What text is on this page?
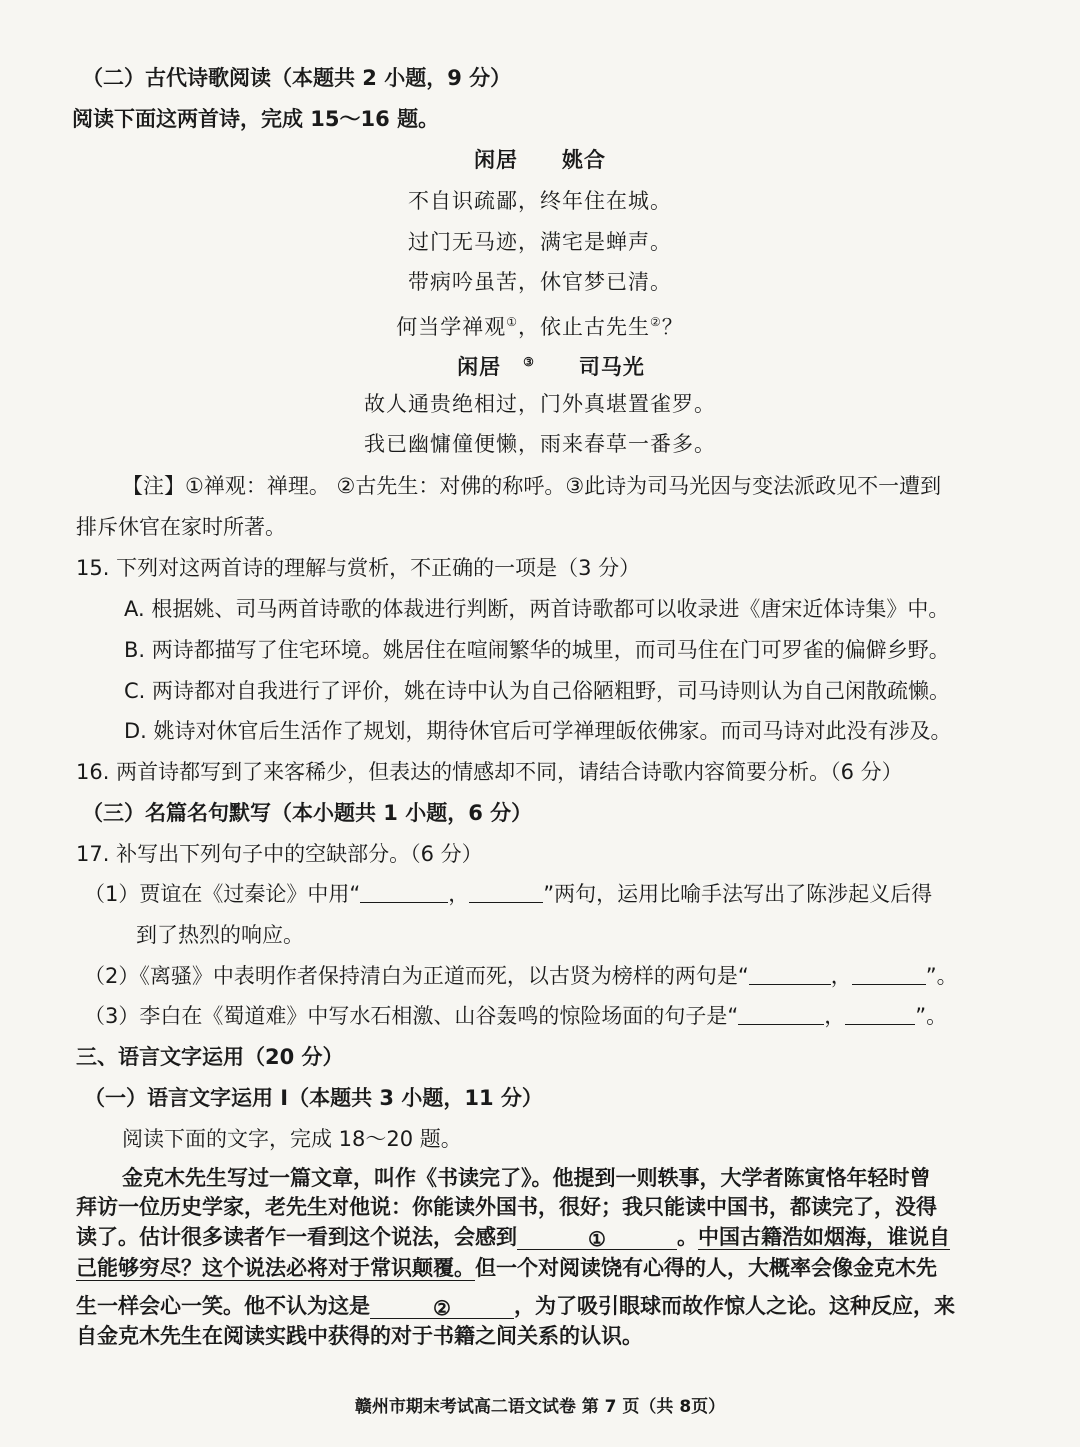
（二）古代诗歌阅读（本题共 2 小题，9 分）
阅读下面这两首诗，完成 15～16 题。
闲居 姚合
不自识疏鄙，终年住在城。
过门无马迹，满宅是蝉声。
带病吟虽苦，休官梦已清。
何当学禅观①，依止古先生②？
闲居 ③ 司马光
故人通贵绝相过，门外真堪置雀罗。
我已幽慵僮便懒，雨来春草一番多。
【注】①禅观：禅理。 ②古先生：对佛的称呼。③此诗为司马光因与变法派政见不一遭到
排斥休官在家时所著。
15. 下列对这两首诗的理解与赏析，不正确的一项是（3 分）
A. 根据姚、司马两首诗歌的体裁进行判断，两首诗歌都可以收录进《唐宋近体诗集》中。
B. 两诗都描写了住宅环境。姚居住在喧闹繁华的城里，而司马住在门可罗雀的偏僻乡野。
C. 两诗都对自我进行了评价，姚在诗中认为自己俗陋粗野，司马诗则认为自己闲散疏懒。
D. 姚诗对休官后生活作了规划，期待休官后可学禅理皈依佛家。而司马诗对此没有涉及。
16. 两首诗都写到了来客稀少，但表达的情感却不同，请结合诗歌内容简要分析。（6 分）
（三）名篇名句默写（本小题共 1 小题，6 分）
17. 补写出下列句子中的空缺部分。（6 分）
（1）贾谊在《过秦论》中用“	，	”两句，运用比喻手法写出了陈涉起义后得
到了热烈的响应。
（2）《离骚》中表明作者保持清白为正道而死，以古贤为榜样的两句是“	，	”。
（3）李白在《蜀道难》中写水石相激、山谷轰鸣的惊险场面的句子是“	，	”。
三、语言文字运用（20 分）
（一）语言文字运用 I（本题共 3 小题，11 分）
阅读下面的文字，完成 18～20 题。
金克木先生写过一篇文章，叫作《书读完了》。他提到一则轶事，大学者陈寅恪年轻时曾
拜访一位历史学家，老先生对他说：你能读外国书，很好；我只能读中国书，都读完了，没得
读了。估计很多读者乍一看到这个说法，会感到	①	。中国古籍浩如烟海，谁说自
己能够穷尽？这个说法必将对于常识颠覆。但一个对阅读饶有心得的人，大概率会像金克木先
生一样会心一笑。他不认为这是	②	，为了吸引眼球而故作惊人之论。这种反应，来
自金克木先生在阅读实践中获得的对于书籍之间关系的认识。
赣州市期末考试高二语文试卷 第 7 页（共 8页）
